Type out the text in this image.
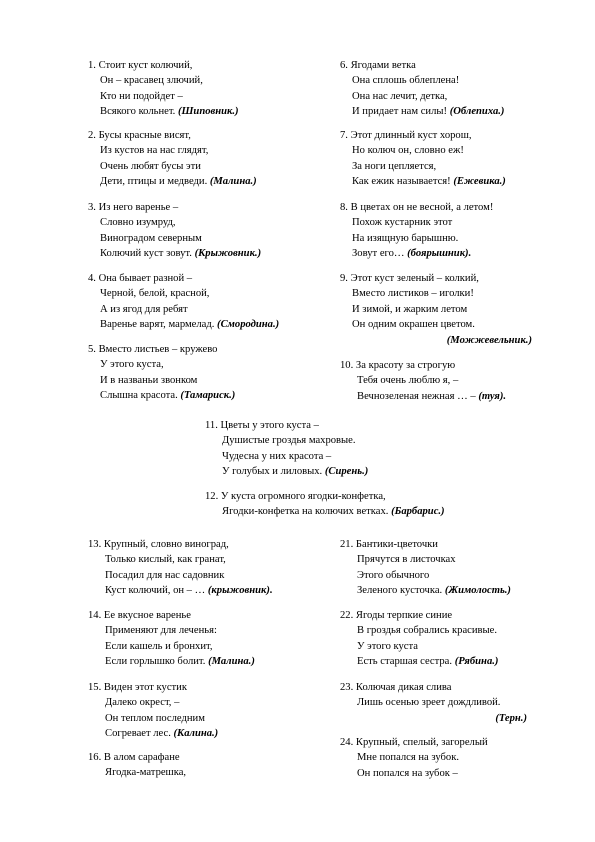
1. Стоит куст колючий,
Он – красавец злючий,
Кто ни подойдет –
Всякого кольнет. (Шиповник.)
2. Бусы красные висят,
Из кустов на нас глядят,
Очень любят бусы эти
Дети, птицы и медведи. (Малина.)
3. Из него варенье –
Словно изумруд,
Виноградом северным
Колючий куст зовут. (Крыжовник.)
4. Она бывает разной –
Черной, белой, красной,
А из ягод для ребят
Варенье варят, мармелад. (Смородина.)
5. Вместо листьев – кружево
У этого куста,
И в названьи звонком
Слышна красота. (Тамариск.)
6. Ягодами ветка
Она сплошь облеплена!
Она нас лечит, детка,
И придает нам силы! (Облепиха.)
7. Этот длинный куст хорош,
Но колюч он, словно еж!
За ноги цепляется,
Как ежик называется! (Ежевика.)
8. В цветах он не весной, а летом!
Похож кустарник этот
На изящную барышню.
Зовут его… (боярышник).
9. Этот куст зеленый – колкий,
Вместо листиков – иголки!
И зимой, и жарким летом
Он одним окрашен цветом.
(Можжевельник.)
10. За красоту за строгую
Тебя очень люблю я, –
Вечнозеленая нежная … – (туя).
11. Цветы у этого куста –
Душистые гроздья махровые.
Чудесна у них красота –
У голубых и лиловых. (Сирень.)
12. У куста огромного ягодки-конфетка,
Ягодки-конфетка на колючих ветках. (Барбарис.)
13. Крупный, словно виноград,
Только кислый, как гранат,
Посадил для нас садовник
Куст колючий, он – … (крыжовник).
14. Ее вкусное варенье
Применяют для леченья:
Если кашель и бронхит,
Если горлышко болит. (Малина.)
15. Виден этот кустик
Далеко окрест, –
Он теплом последним
Согревает лес. (Калина.)
16. В алом сарафане
Ягодка-матрешка,
21. Бантики-цветочки
Прячутся в листочках
Этого обычного
Зеленого кусточка. (Жимолость.)
22. Ягоды терпкие синие
В гроздья собрались красивые.
У этого куста
Есть старшая сестра. (Рябина.)
23. Колючая дикая слива
Лишь осенью зреет дождливой.
(Терн.)
24. Крупный, спелый, загорелый
Мне попался на зубок.
Он попался на зубок –
